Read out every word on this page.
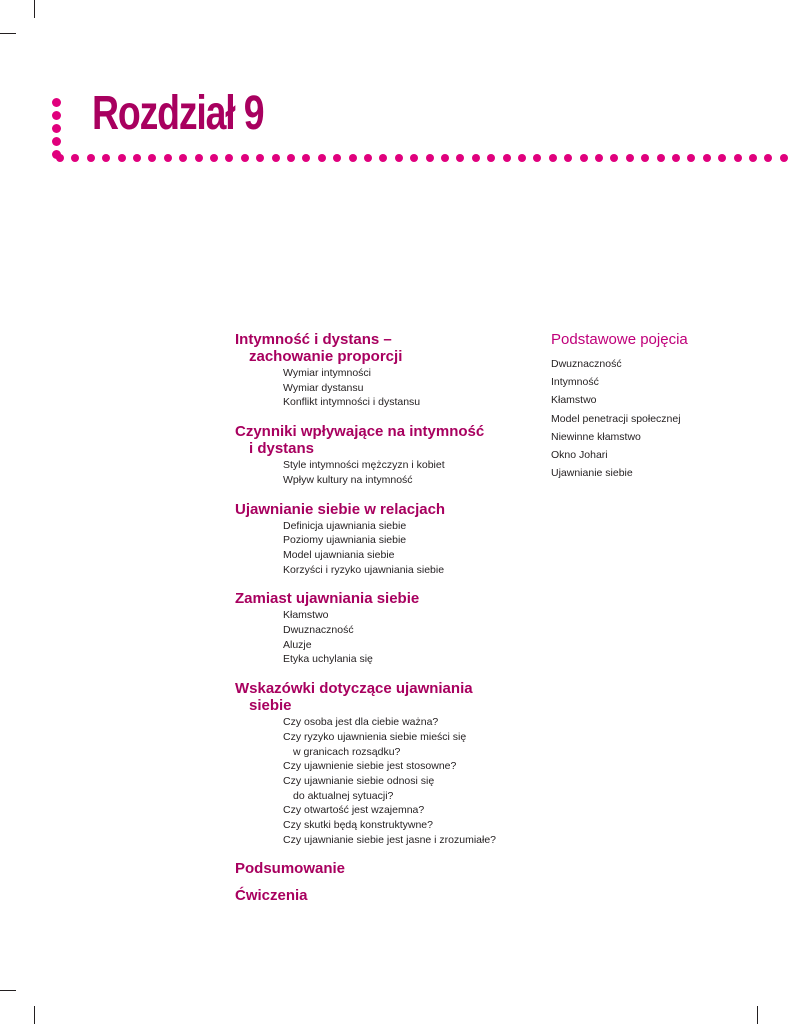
Rozdział 9
Intymność i dystans –
zachowanie proporcji
Wymiar intymności
Wymiar dystansu
Konflikt intymności i dystansu
Czynniki wpływające na intymność
i dystans
Style intymności mężczyzn i kobiet
Wpływ kultury na intymność
Ujawnianie siebie w relacjach
Definicja ujawniania siebie
Poziomy ujawniania siebie
Model ujawniania siebie
Korzyści i ryzyko ujawniania siebie
Zamiast ujawniania siebie
Kłamstwo
Dwuznaczność
Aluzje
Etyka uchylania się
Wskazówki dotyczące ujawniania
siebie
Czy osoba jest dla ciebie ważna?
Czy ryzyko ujawnienia siebie mieści się
w granicach rozsądku?
Czy ujawnienie siebie jest stosowne?
Czy ujawnianie siebie odnosi się
do aktualnej sytuacji?
Czy otwartość jest wzajemna?
Czy skutki będą konstruktywne?
Czy ujawnianie siebie jest jasne i zrozumiałe?
Podsumowanie
Ćwiczenia
Podstawowe pojęcia
Dwuznaczność
Intymność
Kłamstwo
Model penetracji społecznej
Niewinne kłamstwo
Okno Johari
Ujawnianie siebie
